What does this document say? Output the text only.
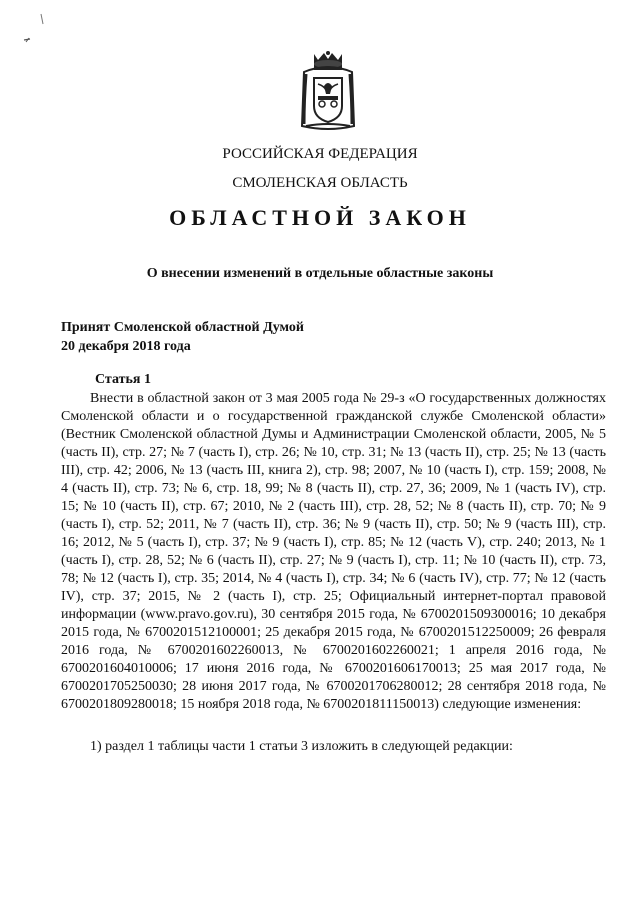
РОССИЙСКАЯ ФЕДЕРАЦИЯ
СМОЛЕНСКАЯ ОБЛАСТЬ
ОБЛАСТНОЙ ЗАКОН
О внесении изменений в отдельные областные законы
Принят Смоленской областной Думой
20 декабря 2018 года
Статья 1

Внести в областной закон от 3 мая 2005 года № 29-з «О государственных должностях Смоленской области и о государственной гражданской службе Смоленской области» (Вестник Смоленской областной Думы и Администрации Смоленской области, 2005, № 5 (часть II), стр. 27; № 7 (часть I), стр. 26; № 10, стр. 31; № 13 (часть II), стр. 25; № 13 (часть III), стр. 42; 2006, № 13 (часть III, книга 2), стр. 98; 2007, № 10 (часть I), стр. 159; 2008, № 4 (часть II), стр. 73; № 6, стр. 18, 99; № 8 (часть II), стр. 27, 36; 2009, № 1 (часть IV), стр. 15; № 10 (часть II), стр. 67; 2010, № 2 (часть III), стр. 28, 52; № 8 (часть II), стр. 70; № 9 (часть I), стр. 52; 2011, № 7 (часть II), стр. 36; № 9 (часть II), стр. 50; № 9 (часть III), стр. 16; 2012, № 5 (часть I), стр. 37; № 9 (часть I), стр. 85; № 12 (часть V), стр. 240; 2013, № 1 (часть I), стр. 28, 52; № 6 (часть II), стр. 27; № 9 (часть I), стр. 11; № 10 (часть II), стр. 73, 78; № 12 (часть I), стр. 35; 2014, № 4 (часть I), стр. 34; № 6 (часть IV), стр. 77; № 12 (часть IV), стр. 37; 2015, № 2 (часть I), стр. 25; Официальный интернет-портал правовой информации (www.pravo.gov.ru), 30 сентября 2015 года, № 6700201509300016; 10 декабря 2015 года, № 6700201512100001; 25 декабря 2015 года, № 6700201512250009; 26 февраля 2016 года, № 6700201602260013, № 6700201602260021; 1 апреля 2016 года, № 6700201604010006; 17 июня 2016 года, № 6700201606170013; 25 мая 2017 года, № 6700201705250030; 28 июня 2017 года, № 6700201706280012; 28 сентября 2018 года, № 6700201809280018; 15 ноября 2018 года, № 6700201811150013) следующие изменения:

1) раздел 1 таблицы части 1 статьи 3 изложить в следующей редакции:
